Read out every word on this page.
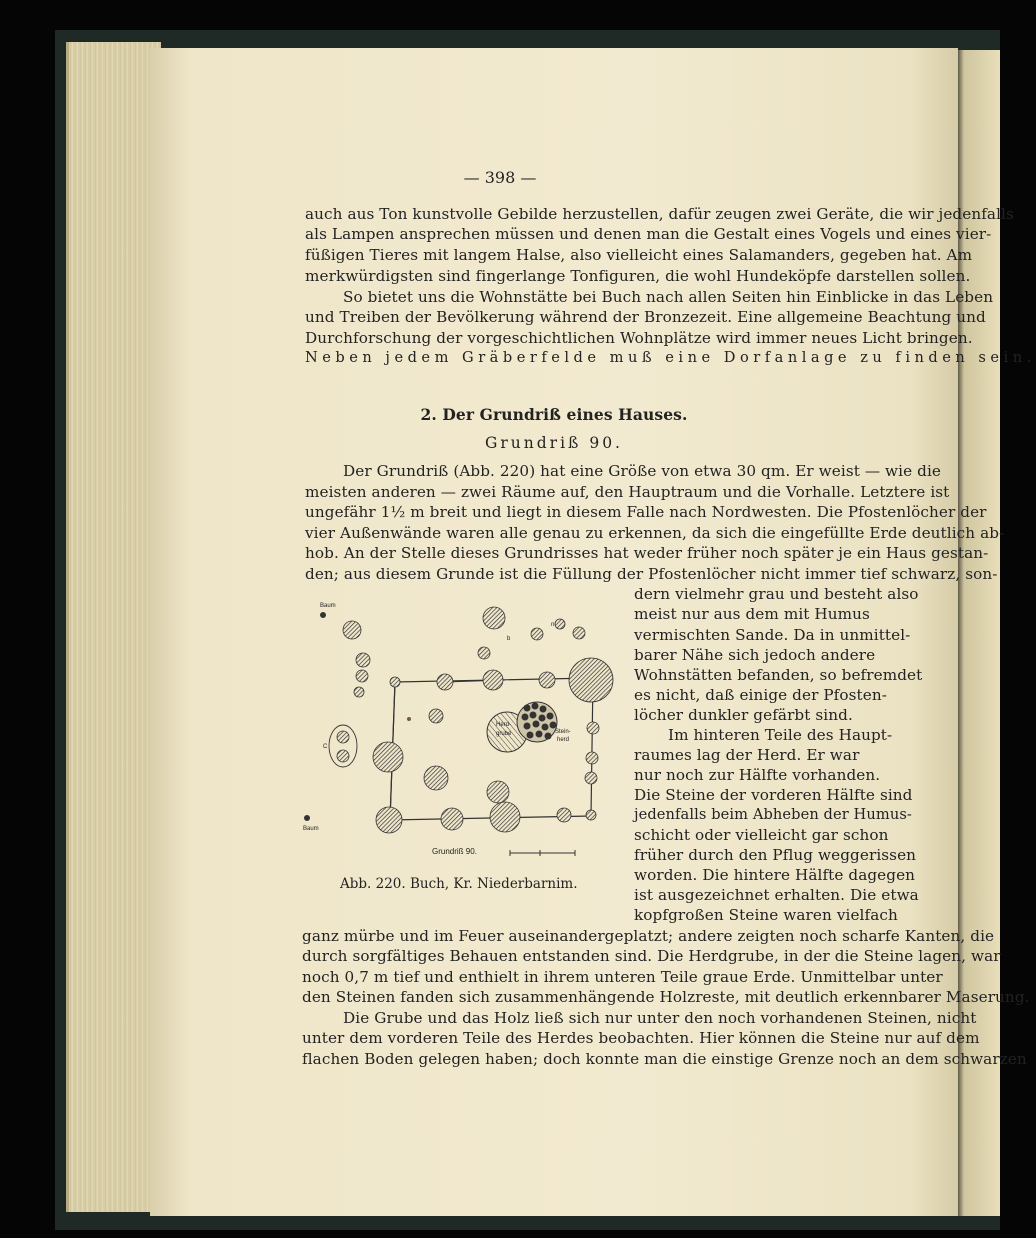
— 398 —
auch aus Ton kunstvolle Gebilde herzustellen, dafür zeugen zwei Geräte, die wir jedenfalls
als Lampen ansprechen müssen und denen man die Gestalt eines Vogels und eines vier-
füßigen Tieres mit langem Halse, also vielleicht eines Salamanders, gegeben hat. Am
merkwürdigsten sind fingerlange Tonfiguren, die wohl Hundeköpfe darstellen sollen.
So bietet uns die Wohnstätte bei Buch nach allen Seiten hin Einblicke in das Leben
und Treiben der Bevölkerung während der Bronzezeit. Eine allgemeine Beachtung und
Durchforschung der vorgeschichtlichen Wohnplätze wird immer neues Licht bringen.
Neben jedem Gräberfelde muß eine Dorfanlage zu finden sein.
2. Der Grundriß eines Hauses.
Grundriß 90.
Der Grundriß (Abb. 220) hat eine Größe von etwa 30 qm. Er weist — wie die
meisten anderen — zwei Räume auf, den Hauptraum und die Vorhalle. Letztere ist
ungefähr 1½ m breit und liegt in diesem Falle nach Nordwesten. Die Pfostenlöcher der
vier Außenwände waren alle genau zu erkennen, da sich die eingefüllte Erde deutlich ab-
hob. An der Stelle dieses Grundrisses hat weder früher noch später je ein Haus gestan-
den; aus diesem Grunde ist die Füllung der Pfostenlöcher nicht immer tief schwarz, son-
dern vielmehr grau und besteht also
meist nur aus dem mit Humus
vermischten Sande. Da in unmittel-
barer Nähe sich jedoch andere
Wohnstätten befanden, so befremdet
es nicht, daß einige der Pfosten-
löcher dunkler gefärbt sind.
Im hinteren Teile des Haupt-
raumes lag der Herd. Er war
nur noch zur Hälfte vorhanden.
Die Steine der vorderen Hälfte sind
jedenfalls beim Abheben der Humus-
schicht oder vielleicht gar schon
früher durch den Pflug weggerissen
worden. Die hintere Hälfte dagegen
ist ausgezeichnet erhalten. Die etwa
kopfgroßen Steine waren vielfach
ganz mürbe und im Feuer auseinandergeplatzt; andere zeigten noch scharfe Kanten, die
durch sorgfältiges Behauen entstanden sind. Die Herdgrube, in der die Steine lagen, war
noch 0,7 m tief und enthielt in ihrem unteren Teile graue Erde. Unmittelbar unter
den Steinen fanden sich zusammenhängende Holzreste, mit deutlich erkennbarer Maserung.
Die Grube und das Holz ließ sich nur unter den noch vorhandenen Steinen, nicht
unter dem vorderen Teile des Herdes beobachten. Hier können die Steine nur auf dem
flachen Boden gelegen haben; doch konnte man die einstige Grenze noch an dem schwarzen
Baum
Baum
Herd-
grube	Stein-
herd
C
b
n
Grundriß 90.
Abb. 220. Buch, Kr. Niederbarnim.
